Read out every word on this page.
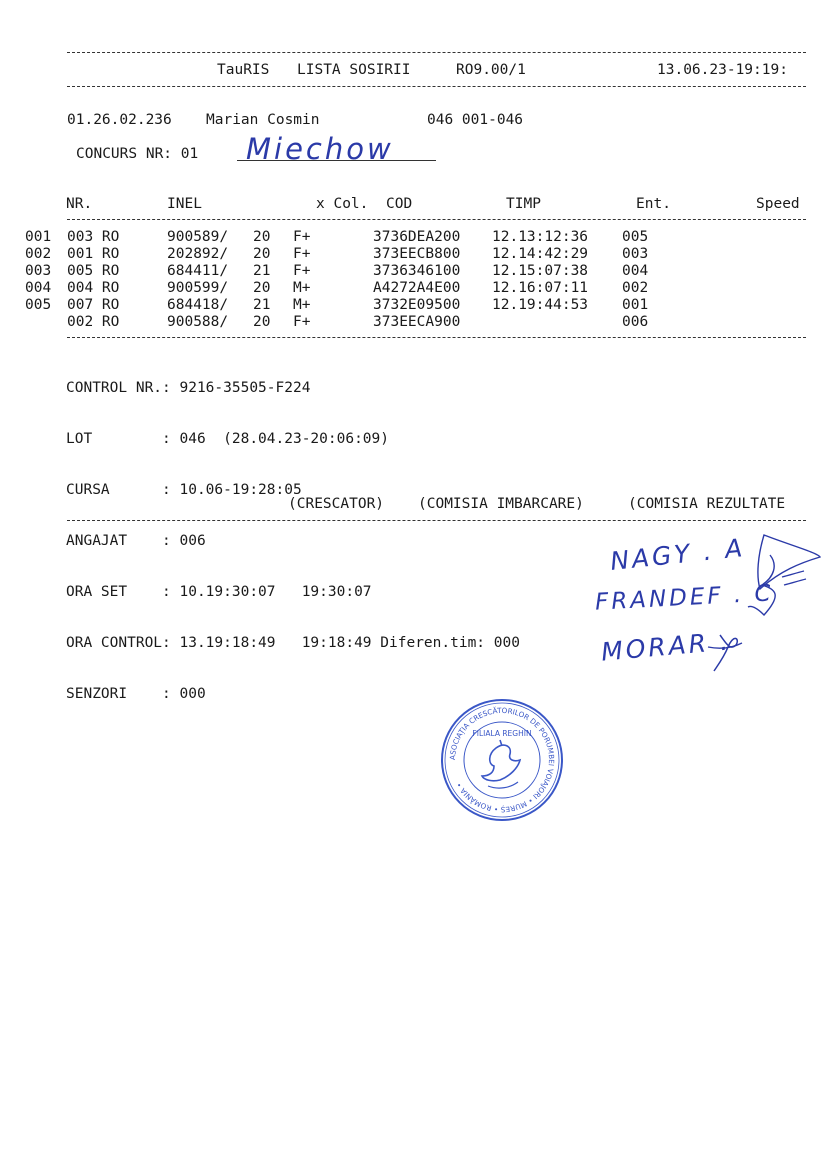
TauRIS LISTA SOSIRII	RO9.00/1	13.06.23-19:19:
01.26.02.236 Marian Cosmin	046 001-046
CONCURS NR: 01 Miechow
NR.	INEL	x Col. COD	TIMP	Ent.	Speed
001	003 RO	900589/	20	F+	3736DEA200	12.13:12:36	005
002	001 RO	202892/	20	F+	373EECB800	12.14:42:29	003
003	005 RO	684411/	21	F+	3736346100	12.15:07:38	004
004	004 RO	900599/	20	M+	A4272A4E00	12.16:07:11	002
005	007 RO	684418/	21	M+	3732E09500	12.19:44:53	001
	002 RO	900588/	20	F+	373EECA900		006

CONTROL NR.: 9216-35505-F224

LOT        : 046  (28.04.23-20:06:09)

CURSA      : 10.06-19:28:05

ANGAJAT    : 006

ORA SET    : 10.19:30:07   19:30:07

ORA CONTROL: 13.19:18:49   19:18:49 Diferen.tim: 000

SENZORI    : 000

(CRESCATOR) (COMISIA IMBARCARE)	(COMISIA REZULTATE
NAGY . A
FRANDEF . C
MORAR .
ASOCIAȚIA CRESCĂTORILOR DE PORUMBEI VOIAJORI • MUREȘ • ROMÂNIA •
FILIALA REGHIN
